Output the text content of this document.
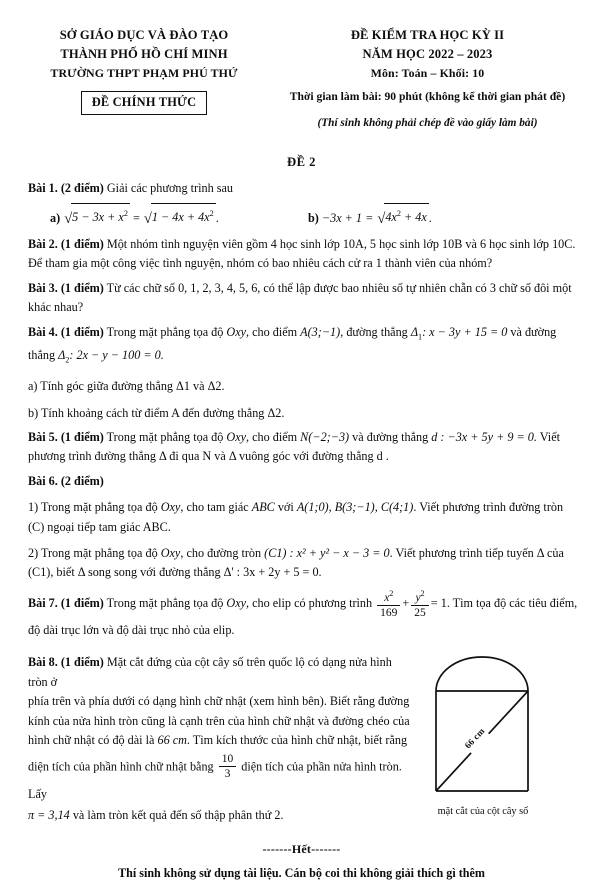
SỞ GIÁO DỤC VÀ ĐÀO TẠO
THÀNH PHỐ HỒ CHÍ MINH
TRƯỜNG THPT PHẠM PHÚ THỨ
ĐỀ CHÍNH THỨC
ĐỀ KIỂM TRA HỌC KỲ II
NĂM HỌC 2022 – 2023
Môn: Toán – Khối: 10
Thời gian làm bài: 90 phút (không kể thời gian phát đề)
(Thí sinh không phải chép đề vào giấy làm bài)
ĐỀ 2
Bài 1. (2 điểm) Giải các phương trình sau
a) $√5 - 3x + x^2 = √1 - 4x + 4x^2$ .	$b) -3x + 1 = √4x^2 + 4x$ .
Bài 2. (1 điểm) Một nhóm tình nguyện viên gồm 4 học sinh lớp 10A, 5 học sinh lớp 10B và 6 học sinh lớp 10C. Để tham gia một công việc tình nguyện, nhóm có bao nhiêu cách cử ra 1 thành viên của nhóm?
Bài 3. (1 điểm) Từ các chữ số 0, 1, 2, 3, 4, 5, 6, có thể lập được bao nhiêu số tự nhiên chẵn có 3 chữ số đôi một khác nhau?
Bài 4. (1 điểm) Trong mặt phẳng tọa độ Oxy, cho điểm A(3;−1), đường thẳng $\Delta_1$: x − 3y + 15 = 0 và đường thẳng $\Delta_2$: 2x − y − 100 = 0.
a) Tính góc giữa đường thẳng Δ1 và Δ2.
b) Tính khoảng cách từ điểm A đến đường thẳng Δ2.
Bài 5. (1 điểm) Trong mặt phẳng tọa độ Oxy, cho điểm N(−2;−3) và đường thẳng d : −3x + 5y + 9 = 0. Viết phương trình đường thẳng Δ đi qua N và Δ vuông góc với đường thẳng d .
Bài 6. (2 điểm)
1) Trong mặt phẳng tọa độ Oxy, cho tam giác ABC với A(1;0), B(3;−1), C(4;1). Viết phương trình đường tròn (C) ngoại tiếp tam giác ABC.
2) Trong mặt phẳng tọa độ Oxy, cho đường tròn (C1) : x² + y² − x − 3 = 0. Viết phương trình tiếp tuyến Δ của (C1), biết Δ song song với đường thẳng Δ' : 3x + 2y + 5 = 0.
Bài 7. (1 điểm) Trong mặt phẳng tọa độ Oxy, cho elip có phương trình $\frac{x^2}{169} + \frac{y^2}{25} = 1$. Tìm tọa độ các tiêu điểm, độ dài trục lớn và độ dài trục nhỏ của elip.

Bài 8. (1 điểm) Mặt cắt đứng của cột cây số trên quốc lộ có dạng nửa hình tròn ở

phía trên và phía dưới có dạng hình chữ nhật (xem hình bên). Biết rằng đường

kính của nửa hình tròn cũng là cạnh trên của hình chữ nhật và đường chéo của

hình chữ nhật có độ dài là 66 cm. Tìm kích thước của hình chữ nhật, biết rằng

diện tích của phần hình chữ nhật bằng $\frac{10}{3}$ diện tích của phần nửa hình tròn. Lấy

π = 3,14 và làm tròn kết quả đến số thập phân thứ 2.

66 cm
mặt cắt của cột cây số
-------Hết-------
Thí sinh không sử dụng tài liệu. Cán bộ coi thi không giải thích gì thêm
